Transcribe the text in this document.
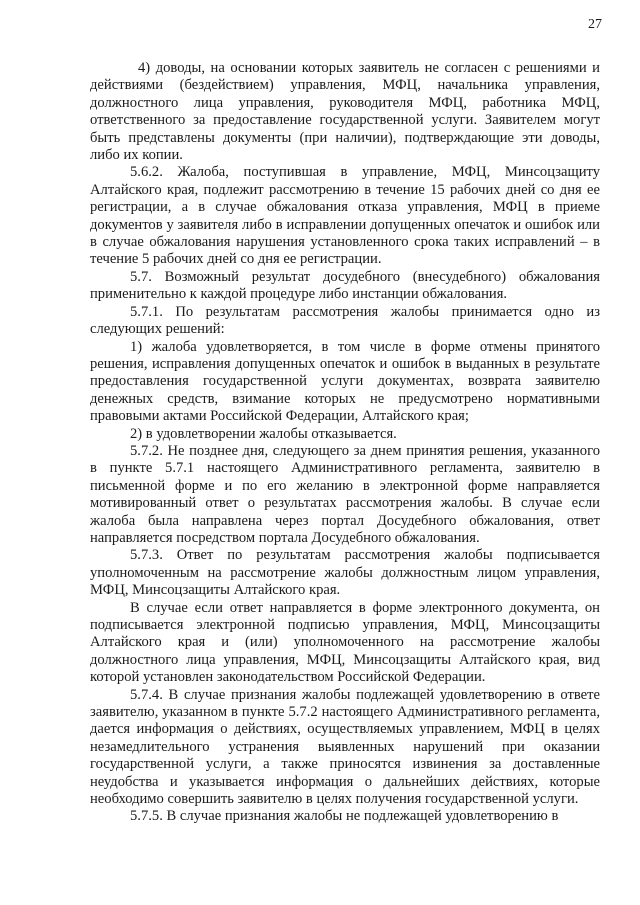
27

4) доводы, на основании которых заявитель не согласен с решениями и действиями (бездействием) управления, МФЦ, начальника управления, должностного лица управления, руководителя МФЦ, работника МФЦ, ответственного за предоставление государственной услуги. Заявителем могут быть представлены документы (при наличии), подтверждающие эти доводы, либо их копии.

5.6.2. Жалоба, поступившая в управление, МФЦ, Минсоцзащиту Алтайского края, подлежит рассмотрению в течение 15 рабочих дней со дня ее регистрации, а в случае обжалования отказа управления, МФЦ в приеме документов у заявителя либо в исправлении допущенных опечаток и ошибок или в случае обжалования нарушения установленного срока таких исправлений – в течение 5 рабочих дней со дня ее регистрации.

5.7. Возможный результат досудебного (внесудебного) обжалования применительно к каждой процедуре либо инстанции обжалования.

5.7.1. По результатам рассмотрения жалобы принимается одно из следующих решений:

1) жалоба удовлетворяется, в том числе в форме отмены принятого решения, исправления допущенных опечаток и ошибок в выданных в результате предоставления государственной услуги документах, возврата заявителю денежных средств, взимание которых не предусмотрено нормативными правовыми актами Российской Федерации, Алтайского края;

2) в удовлетворении жалобы отказывается.

5.7.2. Не позднее дня, следующего за днем принятия решения, указанного в пункте 5.7.1 настоящего Административного регламента, заявителю в письменной форме и по его желанию в электронной форме направляется мотивированный ответ о результатах рассмотрения жалобы. В случае если жалоба была направлена через портал Досудебного обжалования, ответ направляется посредством портала Досудебного обжалования.

5.7.3. Ответ по результатам рассмотрения жалобы подписывается уполномоченным на рассмотрение жалобы должностным лицом управления, МФЦ, Минсоцзащиты Алтайского края.

В случае если ответ направляется в форме электронного документа, он подписывается электронной подписью управления, МФЦ, Минсоцзащиты Алтайского края и (или) уполномоченного на рассмотрение жалобы должностного лица управления, МФЦ, Минсоцзащиты Алтайского края, вид которой установлен законодательством Российской Федерации.

5.7.4. В случае признания жалобы подлежащей удовлетворению в ответе заявителю, указанном в пункте 5.7.2 настоящего Административного регламента, дается информация о действиях, осуществляемых управлением, МФЦ в целях незамедлительного устранения выявленных нарушений при оказании государственной услуги, а также приносятся извинения за доставленные неудобства и указывается информация о дальнейших действиях, которые необходимо совершить заявителю в целях получения государственной услуги.

5.7.5. В случае признания жалобы не подлежащей удовлетворению в
